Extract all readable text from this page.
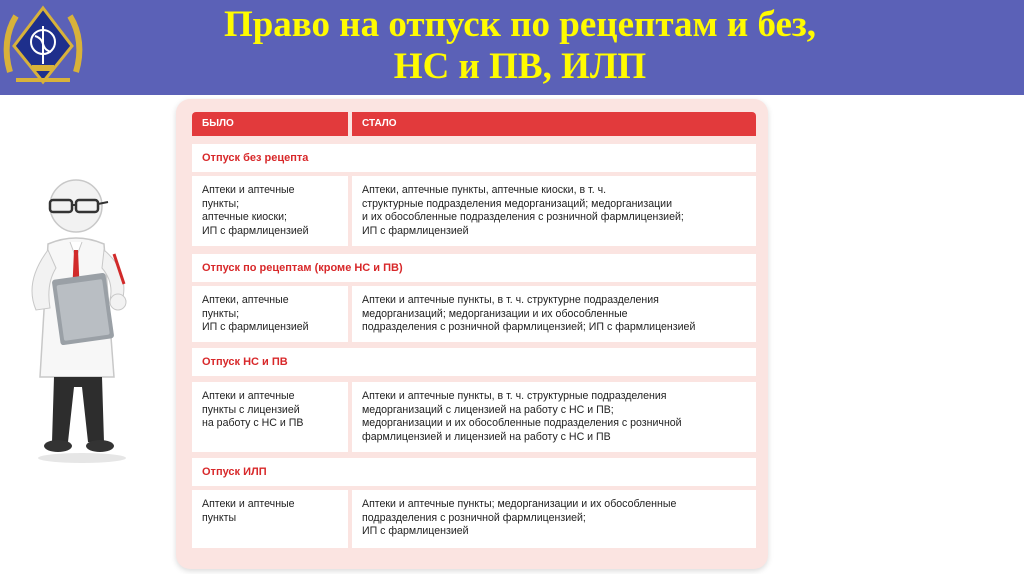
Право на отпуск по рецептам и без,
НС и ПВ, ИЛП
БЫЛО	СТАЛО
Отпуск без рецепта
Аптеки и аптечные
пункты;
аптечные киоски;
ИП с фармлицензией
Аптеки, аптечные пункты, аптечные киоски, в т. ч.
структурные подразделения медорганизаций; медорганизации
и их обособленные подразделения с розничной фармлицензией;
ИП с фармлицензией
Отпуск по рецептам (кроме НС и ПВ)
Аптеки, аптечные
пункты;
ИП с фармлицензией
Аптеки и аптечные пункты, в т. ч. структурне подразделения
медорганизаций; медорганизации и их обособленные
подразделения с розничной фармлицензией; ИП с фармлицензией
Отпуск НС и ПВ
Аптеки и аптечные
пункты с лицензией
на работу с НС и ПВ
Аптеки и аптечные пункты, в т. ч. структурные подразделения
медорганизаций с лицензией на работу с НС и ПВ;
медорганизации и их обособленные подразделения с розничной
фармлицензией и лицензией на работу с НС и ПВ
Отпуск ИЛП
Аптеки и аптечные
пункты
Аптеки и аптечные пункты; медорганизации и их обособленные
подразделения с розничной фармлицензией;
ИП с фармлицензией
